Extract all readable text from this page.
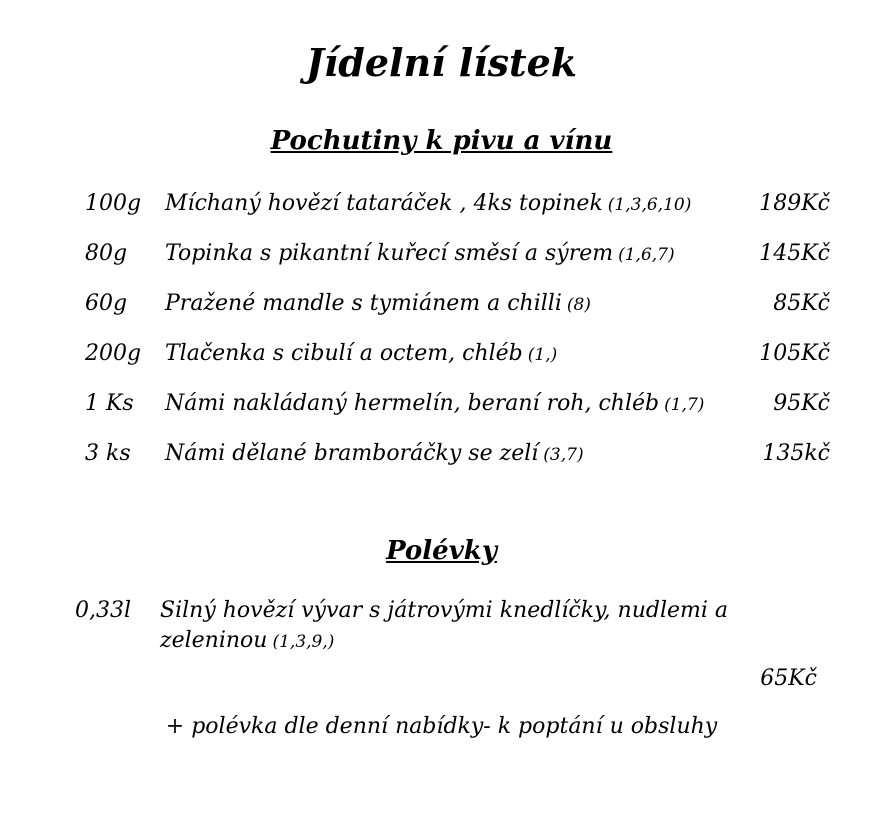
Jídelní lístek
Pochutiny k pivu a vínu
100g	Míchaný hovězí tataráček , 4ks topinek (1,3,6,10)	189Kč
80g	Topinka s pikantní kuřecí směsí a sýrem (1,6,7)	145Kč
60g	Pražené mandle s tymiánem a chilli (8)	85Kč
200g	Tlačenka s cibulí a octem, chléb (1,)	105Kč
1 Ks	Námi nakládaný hermelín, beraní roh, chléb (1,7)	95Kč
3 ks	Námi dělané bramboráčky se zelí (3,7)	135kč
Polévky
0,33l	Silný hovězí vývar s játrovými knedlíčky, nudlemi a zeleninou (1,3,9,)
65Kč
+ polévka dle denní nabídky- k poptání u obsluhy
